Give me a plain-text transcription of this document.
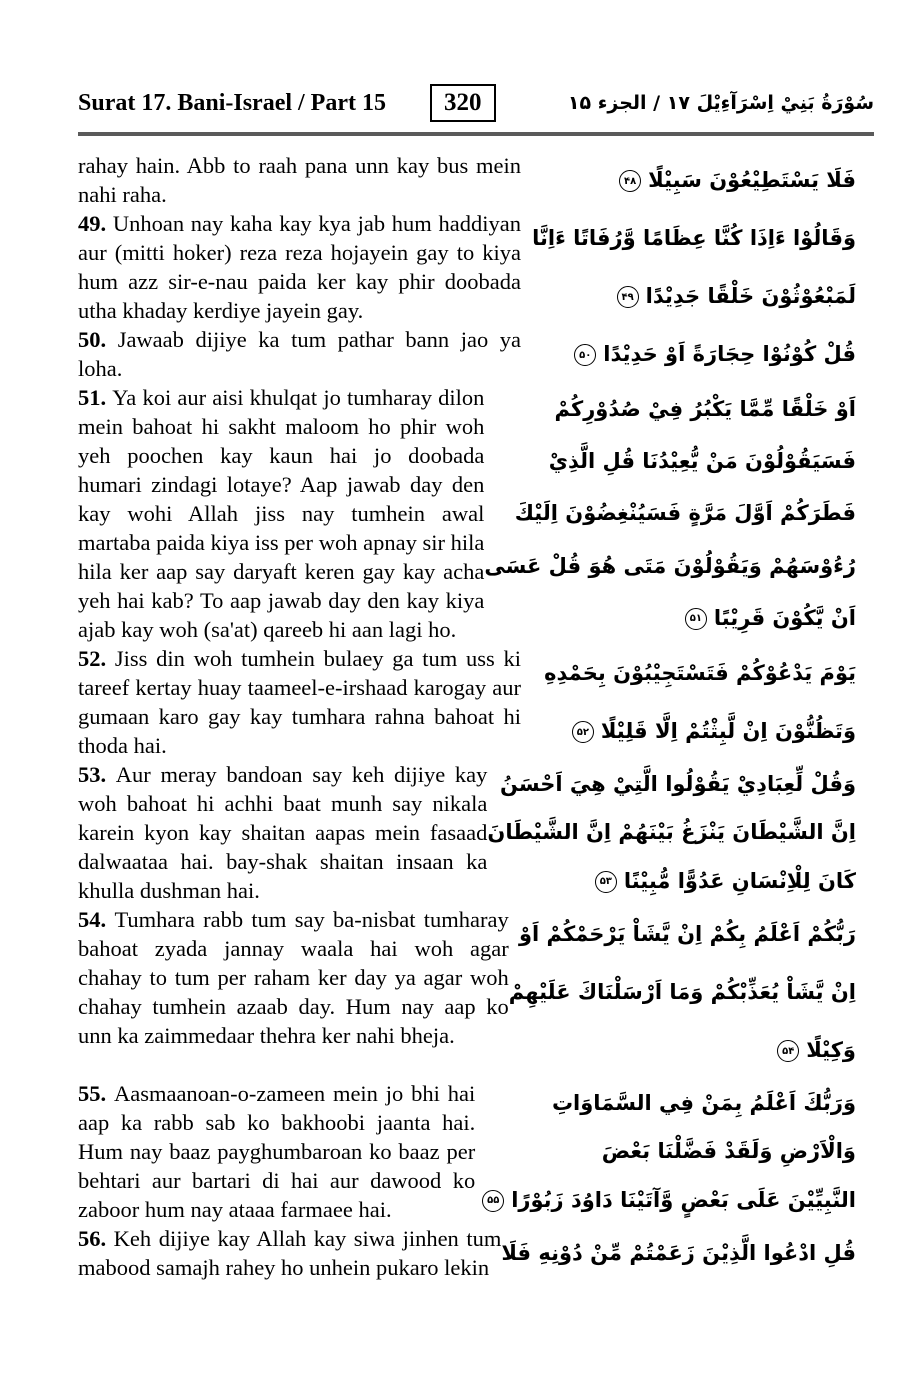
Surat 17. Bani-Israel / Part 15	320	سُوْرَةُ بَنِيْ اِسْرَآءِيْلَ ۱۷ / الجزء ۱۵

rahay hain. Abb to raah pana unn kay bus mein nahi raha.

فَلَا يَسْتَطِيْعُوْنَ سَبِيْلًا۴۸

49. Unhoan nay kaha kay kya jab hum haddiyan aur (mitti hoker) reza reza hojayein gay to kiya hum azz sir-e-nau paida ker kay phir doobada utha khaday kerdiye jayein gay.

وَقَالُوْا ءَاِذَا كُنَّا عِظَامًا وَّرُفَاتًا ءَاِنَّا
لَمَبْعُوْثُوْنَ خَلْقًا جَدِيْدًا۴۹

50. Jawaab dijiye ka tum pathar bann jao ya loha.

قُلْ كُوْنُوْا حِجَارَةً اَوْ حَدِيْدًا۵۰

51. Ya koi aur aisi khulqat jo tumharay dilon mein bahoat hi sakht maloom ho phir woh yeh poochen kay kaun hai jo doobada humari zindagi lotaye? Aap jawab day den kay wohi Allah jiss nay tumhein awal martaba paida kiya iss per woh apnay sir hila hila ker aap say daryaft keren gay kay acha yeh hai kab? To aap jawab day den kay kiya ajab kay woh (sa'at) qareeb hi aan lagi ho.

اَوْ خَلْقًا مِّمَّا يَكْبُرُ فِيْ صُدُوْرِكُمْ
فَسَيَقُوْلُوْنَ مَنْ يُّعِيْدُنَا قُلِ الَّذِيْ
فَطَرَكُمْ اَوَّلَ مَرَّةٍ فَسَيُنْغِضُوْنَ اِلَيْكَ
رُءُوْسَهُمْ وَيَقُوْلُوْنَ مَتَى هُوَ قُلْ عَسَى
اَنْ يَّكُوْنَ قَرِيْبًا۵۱

52. Jiss din woh tumhein bulaey ga tum uss ki tareef kertay huay taameel-e-irshaad karogay aur gumaan karo gay kay tumhara rahna bahoat hi thoda hai.

يَوْمَ يَدْعُوْكُمْ فَتَسْتَجِيْبُوْنَ بِحَمْدِهِ
وَتَظُنُّوْنَ اِنْ لَّبِثْتُمْ اِلَّا قَلِيْلًا۵۲

53. Aur meray bandoan say keh dijiye kay woh bahoat hi achhi baat munh say nikala karein kyon kay shaitan aapas mein fasaad dalwaataa hai. bay-shak shaitan insaan ka khulla dushman hai.

وَقُلْ لِّعِبَادِيْ يَقُوْلُوا الَّتِيْ هِيَ اَحْسَنُ
اِنَّ الشَّيْطَانَ يَنْزَغُ بَيْنَهُمْ اِنَّ الشَّيْطَانَ
كَانَ لِلْاِنْسَانِ عَدُوًّا مُّبِيْنًا۵۳

54. Tumhara rabb tum say ba-nisbat tumharay bahoat zyada jannay waala hai woh agar chahay to tum per raham ker day ya agar woh chahay tumhein azaab day. Hum nay aap ko unn ka zaimmedaar thehra ker nahi bheja.

رَبُّكُمْ اَعْلَمُ بِكُمْ اِنْ يَّشَاْ يَرْحَمْكُمْ اَوْ
اِنْ يَّشَاْ يُعَذِّبْكُمْ وَمَا اَرْسَلْنَاكَ عَلَيْهِمْ
وَكِيْلًا۵۴

55. Aasmaanoan-o-zameen mein jo bhi hai aap ka rabb sab ko bakhoobi jaanta hai. Hum nay baaz payghumbaroan ko baaz per behtari aur bartari di hai aur dawood ko zaboor hum nay ataaa farmaee hai.

وَرَبُّكَ اَعْلَمُ بِمَنْ فِي السَّمَاوَاتِ
وَالْاَرْضِ وَلَقَدْ فَضَّلْنَا بَعْضَ
النَّبِيِّيْنَ عَلَى بَعْضٍ وَّآتَيْنَا دَاوُدَ زَبُوْرًا۵۵

56. Keh dijiye kay Allah kay siwa jinhen tum mabood samajh rahey ho unhein pukaro lekin

قُلِ ادْعُوا الَّذِيْنَ زَعَمْتُمْ مِّنْ دُوْنِهِ فَلَا
